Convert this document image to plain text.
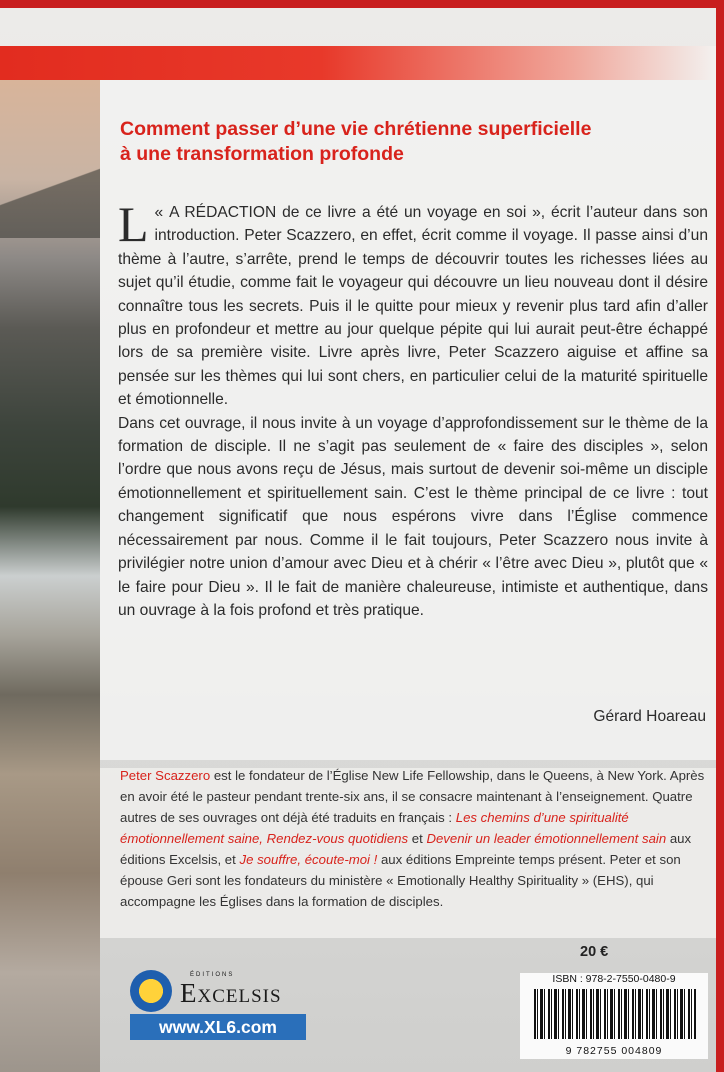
Comment passer d’une vie chrétienne superficielle
à une transformation profonde

«
L A RÉDACTION de ce livre a été un voyage en soi », écrit l’auteur dans son introduction. Peter Scazzero, en effet, écrit comme il voyage. Il passe ainsi d’un thème à l’autre, s’arrête, prend le temps de découvrir toutes les richesses liées au sujet qu’il étudie, comme fait le voyageur qui découvre un lieu nouveau dont il désire connaître tous les secrets. Puis il le quitte pour mieux y revenir plus tard afin d’aller plus en profondeur et mettre au jour quelque pépite qui lui aurait peut-être échappé lors de sa première visite. Livre après livre, Peter Scazzero aiguise et affine sa pensée sur les thèmes qui lui sont chers, en particulier celui de la maturité spirituelle et émotionnelle.

Dans cet ouvrage, il nous invite à un voyage d’approfondissement sur le thème de la formation de disciple. Il ne s’agit pas seulement de « faire des disciples », selon l’ordre que nous avons reçu de Jésus, mais surtout de devenir soi-même un disciple émotionnellement et spirituellement sain. C’est le thème principal de ce livre : tout changement significatif que nous espérons vivre dans l’Église commence nécessairement par nous. Comme il le fait toujours, Peter Scazzero nous invite à privilégier notre union d’amour avec Dieu et à chérir « l’être avec Dieu », plutôt que « le faire pour Dieu ». Il le fait de manière chaleureuse, intimiste et authentique, dans un ouvrage à la fois profond et très pratique.

Gérard Hoareau

Peter Scazzero est le fondateur de l’Église New Life Fellowship, dans le Queens, à New York. Après en avoir été le pasteur pendant trente-six ans, il se consacre maintenant à l’enseignement. Quatre autres de ses ouvrages ont déjà été traduits en français : Les chemins d’une spiritualité émotionnellement saine, Rendez-vous quotidiens et Devenir un leader émotionnellement sain aux éditions Excelsis, et Je souffre, écoute-moi ! aux éditions Empreinte temps présent. Peter et son épouse Geri sont les fondateurs du ministère « Emotionally Healthy Spirituality » (EHS), qui accompagne les Églises dans la formation de disciples.

20 €
ISBN : 978-2-7550-0480-9
9 782755 004809
ÉDITIONS
Excelsis
www.XL6.com
